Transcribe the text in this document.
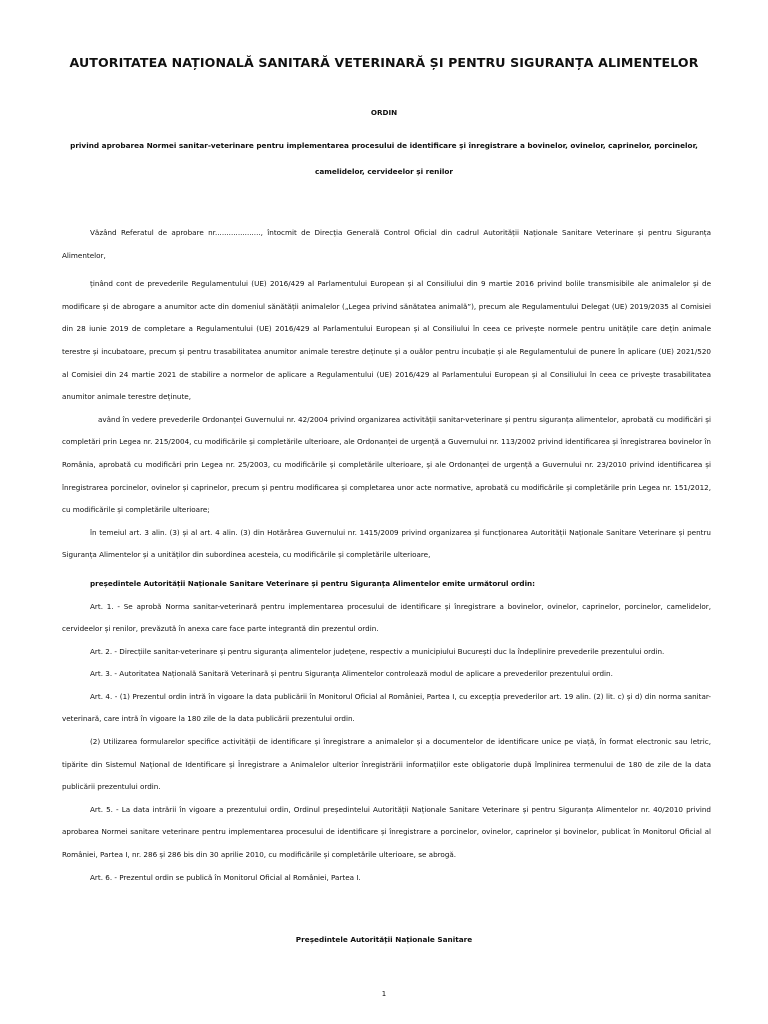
AUTORITATEA NAȚIONALĂ SANITARĂ VETERINARĂ ȘI PENTRU SIGURANȚA ALIMENTELOR
ORDIN
privind aprobarea Normei sanitar-veterinare pentru implementarea procesului de identificare și înregistrare a bovinelor, ovinelor, caprinelor, porcinelor, camelidelor, cervideelor și renilor

Văzând Referatul de aprobare nr...................., întocmit de Direcția Generală Control Oficial din cadrul Autorității Naționale Sanitare Veterinare și pentru Siguranța Alimentelor,

ținând cont de prevederile Regulamentului (UE) 2016/429 al Parlamentului European și al Consiliului din 9 martie 2016 privind bolile transmisibile ale animalelor și de modificare și de abrogare a anumitor acte din domeniul sănătății animalelor („Legea privind sănătatea animală”), precum ale Regulamentului Delegat (UE) 2019/2035 al Comisiei din 28 iunie 2019 de completare a Regulamentului (UE) 2016/429 al Parlamentului European și al Consiliului în ceea ce privește normele pentru unitățile care dețin animale terestre și incubatoare, precum și pentru trasabilitatea anumitor animale terestre deținute și a ouălor pentru incubație și ale Regulamentului de punere în aplicare (UE) 2021/520 al Comisiei din 24 martie 2021 de stabilire a normelor de aplicare a Regulamentului (UE) 2016/429 al Parlamentului European și al Consiliului în ceea ce privește trasabilitatea anumitor animale terestre deținute,

având în vedere prevederile Ordonanței Guvernului nr. 42/2004 privind organizarea activității sanitar-veterinare și pentru siguranța alimentelor, aprobată cu modificări și completări prin Legea nr. 215/2004, cu modificările și completările ulterioare, ale Ordonanței de urgență a Guvernului nr. 113/2002 privind identificarea și înregistrarea bovinelor în România, aprobată cu modificări prin Legea nr. 25/2003, cu modificările și completările ulterioare, și ale Ordonanței de urgență a Guvernului nr. 23/2010 privind identificarea și înregistrarea porcinelor, ovinelor și caprinelor, precum și pentru modificarea și completarea unor acte normative, aprobată cu modificările și completările prin Legea nr. 151/2012, cu modificările și completările ulterioare;

în temeiul art. 3 alin. (3) și al art. 4 alin. (3) din Hotărârea Guvernului nr. 1415/2009 privind organizarea și funcționarea Autorității Naționale Sanitare Veterinare și pentru Siguranța Alimentelor și a unităților din subordinea acesteia, cu modificările și completările ulterioare,

președintele Autorității Naționale Sanitare Veterinare și pentru Siguranța Alimentelor emite următorul ordin:

Art. 1. - Se aprobă Norma sanitar-veterinară pentru implementarea procesului de identificare și înregistrare a bovinelor, ovinelor, caprinelor, porcinelor, camelidelor, cervideelor și renilor, prevăzută în anexa care face parte integrantă din prezentul ordin.

Art. 2. - Direcțiile sanitar-veterinare și pentru siguranța alimentelor județene, respectiv a municipiului București duc la îndeplinire prevederile prezentului ordin.

Art. 3. - Autoritatea Națională Sanitară Veterinară și pentru Siguranța Alimentelor controlează modul de aplicare a prevederilor prezentului ordin.

Art. 4. - (1) Prezentul ordin intră în vigoare la data publicării în Monitorul Oficial al României, Partea I, cu excepția prevederilor art. 19 alin. (2) lit. c) și d) din norma sanitar-veterinară, care intră în vigoare la 180 zile de la data publicării prezentului ordin.

(2) Utilizarea formularelor specifice activității de identificare și înregistrare a animalelor și a documentelor de identificare unice pe viață, în format electronic sau letric, tipărite din Sistemul Național de Identificare și Înregistrare a Animalelor ulterior înregistrării informațiilor este obligatorie după împlinirea termenului de 180 de zile de la data publicării prezentului ordin.

Art. 5. - La data intrării în vigoare a prezentului ordin, Ordinul președintelui Autorității Naționale Sanitare Veterinare și pentru Siguranța Alimentelor nr. 40/2010 privind aprobarea Normei sanitare veterinare pentru implementarea procesului de identificare și înregistrare a porcinelor, ovinelor, caprinelor și bovinelor, publicat în Monitorul Oficial al României, Partea I, nr. 286 și 286 bis din 30 aprilie 2010, cu modificările și completările ulterioare, se abrogă.

Art. 6. - Prezentul ordin se publică în Monitorul Oficial al României, Partea I.

Președintele Autorității Naționale Sanitare
1
